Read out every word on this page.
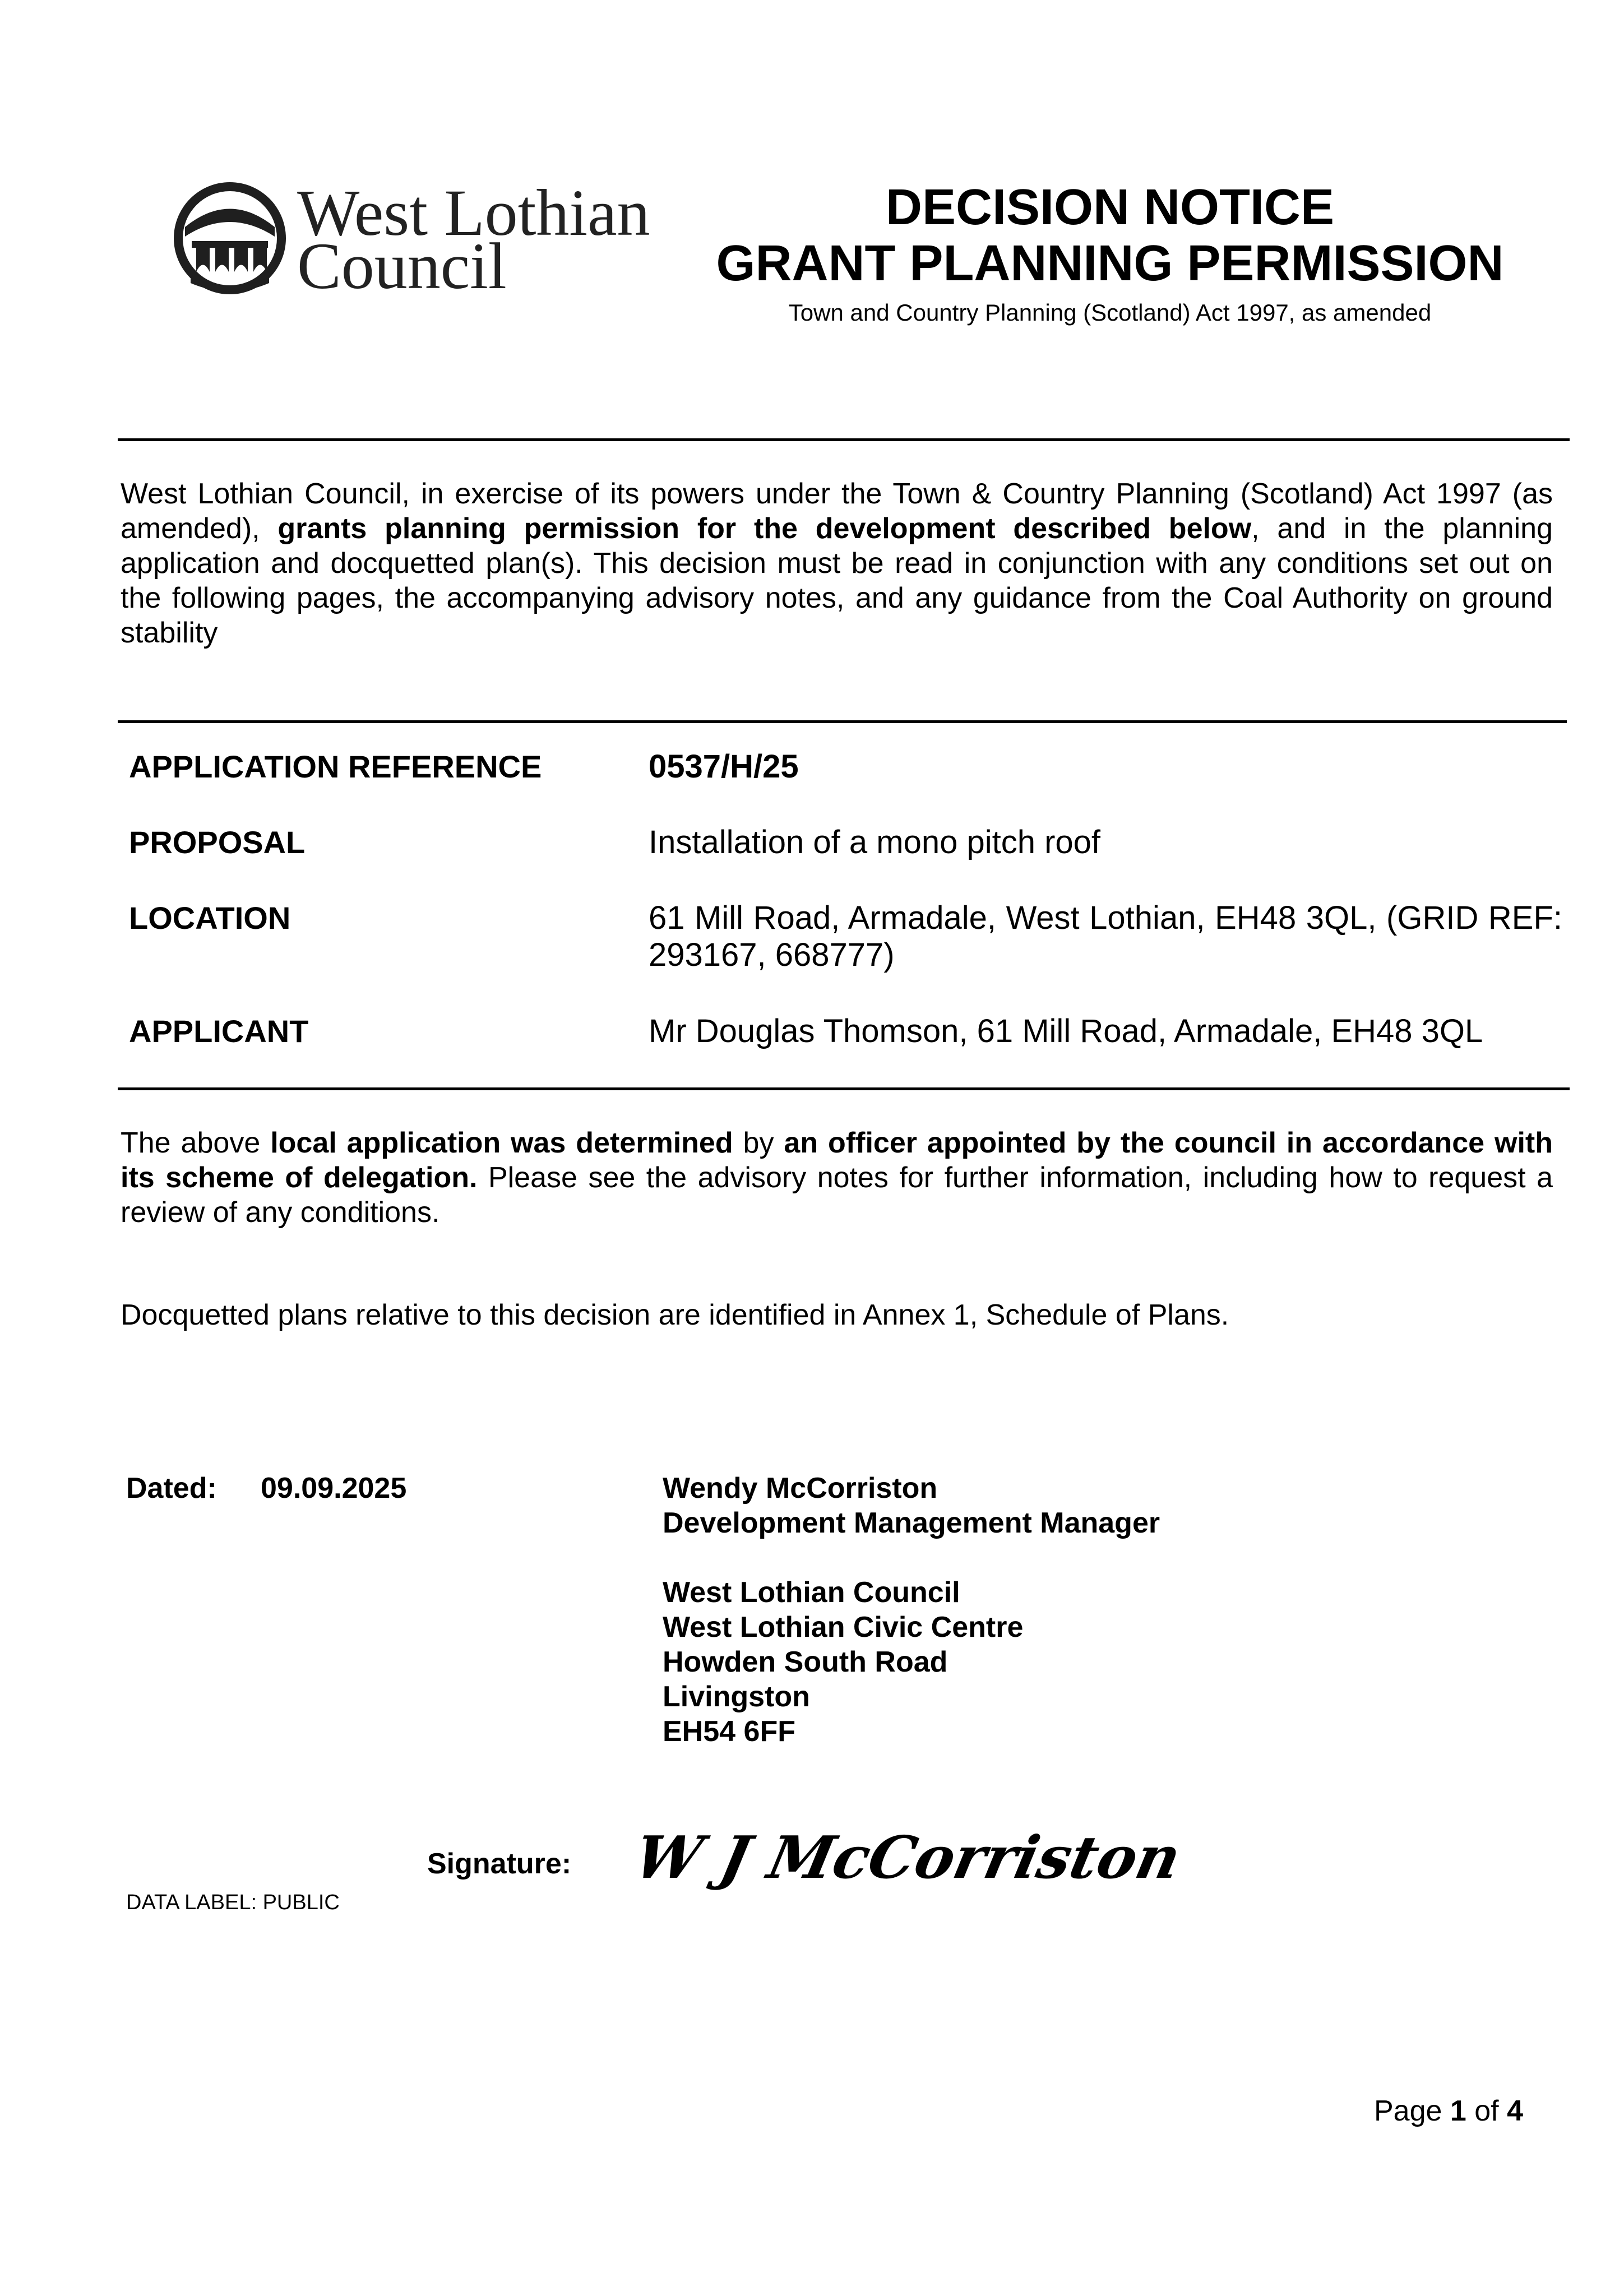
West Lothian
Council
DECISION NOTICE
GRANT PLANNING PERMISSION
Town and Country Planning (Scotland) Act 1997, as amended
West Lothian Council, in exercise of its powers under the Town & Country Planning (Scotland) Act 1997 (as amended), grants planning permission for the development described below, and in the planning application and docquetted plan(s). This decision must be read in conjunction with any conditions set out on the following pages, the accompanying advisory notes, and any guidance from the Coal Authority on ground stability
APPLICATION REFERENCE	0537/H/25
PROPOSAL	Installation of a mono pitch roof
LOCATION	61 Mill Road, Armadale, West Lothian, EH48 3QL, (GRID REF: 293167, 668777)
APPLICANT	Mr Douglas Thomson, 61 Mill Road, Armadale, EH48 3QL
The above local application was determined by an officer appointed by the council in accordance with its scheme of delegation. Please see the advisory notes for further information, including how to request a review of any conditions.
Docquetted plans relative to this decision are identified in Annex 1, Schedule of Plans.
Dated: 09.09.2025	Wendy McCorriston
Development Management Manager
West Lothian Council
West Lothian Civic Centre
Howden South Road
Livingston
EH54 6FF
Signature: W J McCorriston
DATA LABEL: PUBLIC
Page 1 of 4
